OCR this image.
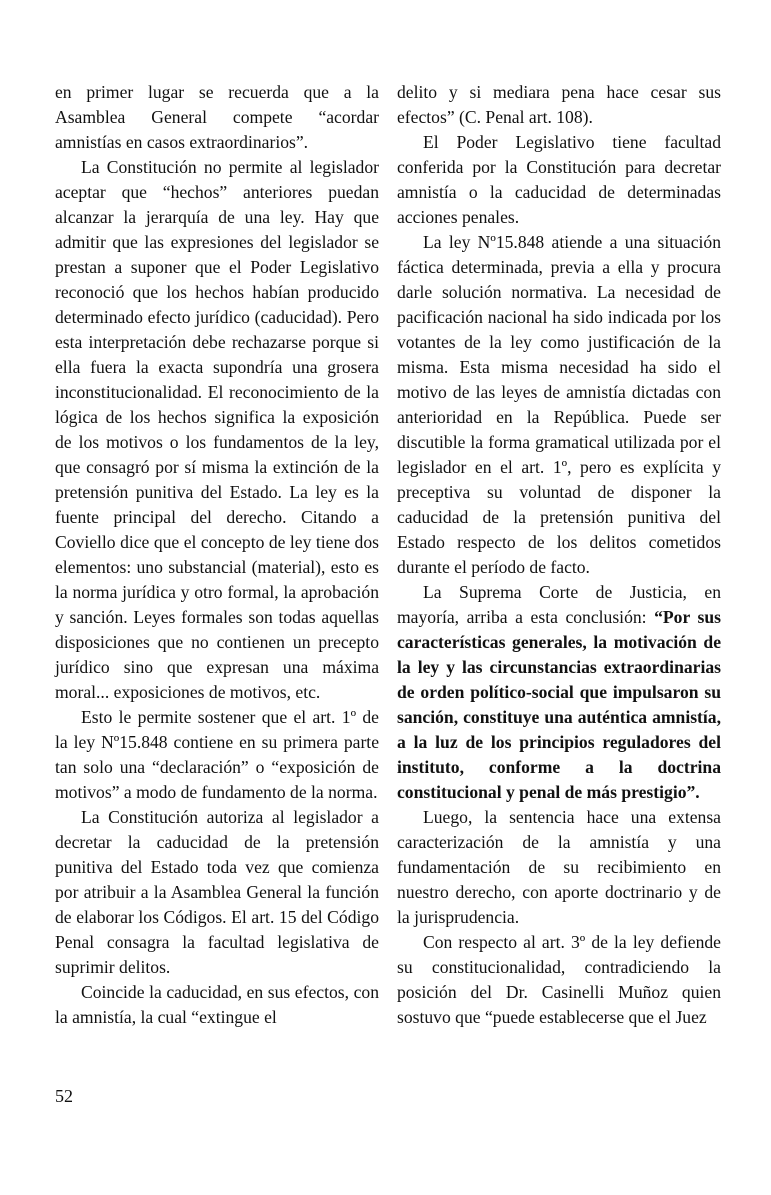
en primer lugar se recuerda que a la Asamblea General compete “acordar amnistías en casos extraordinarios”.

La Constitución no permite al legislador aceptar que “hechos” anteriores puedan alcanzar la jerarquía de una ley. Hay que admitir que las expresiones del legislador se prestan a suponer que el Poder Legislativo reconoció que los hechos habían producido determinado efecto jurídico (caducidad). Pero esta interpretación debe rechazarse porque si ella fuera la exacta supondría una grosera inconstitucionalidad. El reconocimiento de la lógica de los hechos significa la exposición de los motivos o los fundamentos de la ley, que consagró por sí misma la extinción de la pretensión punitiva del Estado. La ley es la fuente principal del derecho. Citando a Coviello dice que el concepto de ley tiene dos elementos: uno substancial (material), esto es la norma jurídica y otro formal, la aprobación y sanción. Leyes formales son todas aquellas disposiciones que no contienen un precepto jurídico sino que expresan una máxima moral... exposiciones de motivos, etc.

Esto le permite sostener que el art. 1º de la ley Nº15.848 contiene en su primera parte tan solo una “declaración” o “exposición de motivos” a modo de fundamento de la norma.

La Constitución autoriza al legislador a decretar la caducidad de la pretensión punitiva del Estado toda vez que comienza por atribuir a la Asamblea General la función de elaborar los Códigos. El art. 15 del Código Penal consagra la facultad legislativa de suprimir delitos.

Coincide la caducidad, en sus efectos, con la amnistía, la cual “extingue el

delito y si mediara pena hace cesar sus efectos” (C. Penal art. 108).

El Poder Legislativo tiene facultad conferida por la Constitución para decretar amnistía o la caducidad de determinadas acciones penales.

La ley Nº15.848 atiende a una situación fáctica determinada, previa a ella y procura darle solución normativa. La necesidad de pacificación nacional ha sido indicada por los votantes de la ley como justificación de la misma. Esta misma necesidad ha sido el motivo de las leyes de amnistía dictadas con anterioridad en la República. Puede ser discutible la forma gramatical utilizada por el legislador en el art. 1º, pero es explícita y preceptiva su voluntad de disponer la caducidad de la pretensión punitiva del Estado respecto de los delitos cometidos durante el período de facto.

La Suprema Corte de Justicia, en mayoría, arriba a esta conclusión: “Por sus características generales, la motivación de la ley y las circunstancias extraordinarias de orden político-social que impulsaron su sanción, constituye una auténtica amnistía, a la luz de los principios reguladores del instituto, conforme a la doctrina constitucional y penal de más prestigio”.

Luego, la sentencia hace una extensa caracterización de la amnistía y una fundamentación de su recibimiento en nuestro derecho, con aporte doctrinario y de la jurisprudencia.

Con respecto al art. 3º de la ley defiende su constitucionalidad, contradiciendo la posición del Dr. Casinelli Muñoz quien sostuvo que “puede establecerse que el Juez

52
